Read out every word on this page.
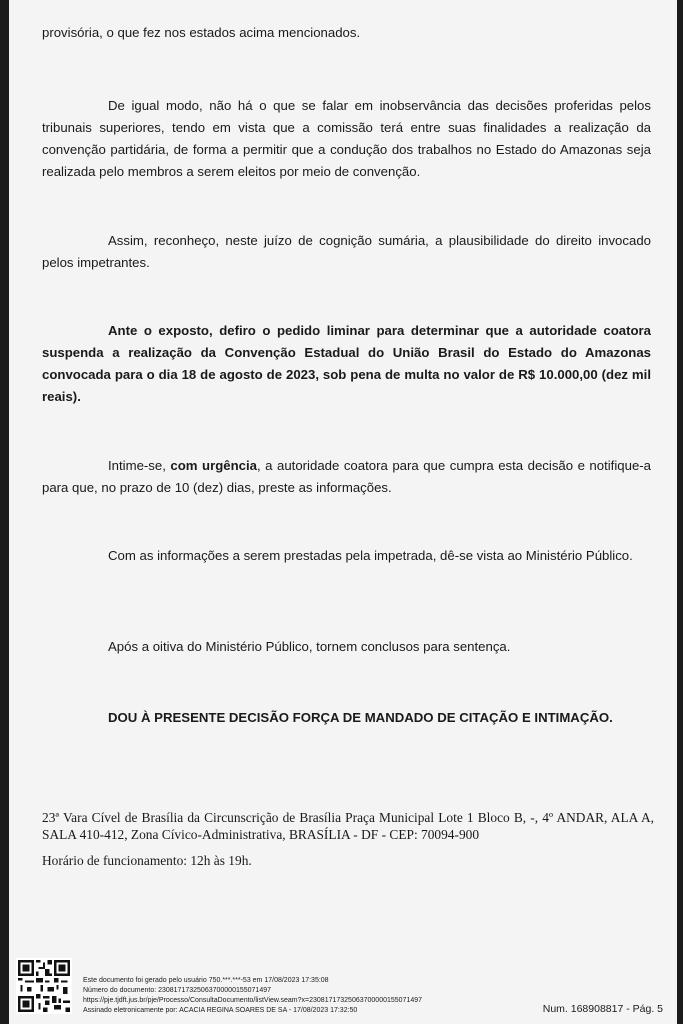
provisória, o que fez nos estados acima mencionados.

De igual modo, não há o que se falar em inobservância das decisões proferidas pelos tribunais superiores, tendo em vista que a comissão terá entre suas finalidades a realização da convenção partidária, de forma a permitir que a condução dos trabalhos no Estado do Amazonas seja realizada pelo membros a serem eleitos por meio de convenção.

Assim, reconheço, neste juízo de cognição sumária, a plausibilidade do direito invocado pelos impetrantes.

Ante o exposto, defiro o pedido liminar para determinar que a autoridade coatora suspenda a realização da Convenção Estadual do União Brasil do Estado do Amazonas convocada para o dia 18 de agosto de 2023, sob pena de multa no valor de R$ 10.000,00 (dez mil reais).

Intime-se, com urgência, a autoridade coatora para que cumpra esta decisão e notifique-a para que, no prazo de 10 (dez) dias, preste as informações.

Com as informações a serem prestadas pela impetrada, dê-se vista ao Ministério Público.

Após a oitiva do Ministério Público, tornem conclusos para sentença.

DOU À PRESENTE DECISÃO FORÇA DE MANDADO DE CITAÇÃO E INTIMAÇÃO.

23ª Vara Cível de Brasília da Circunscrição de Brasília Praça Municipal Lote 1 Bloco B, -, 4º ANDAR, ALA A, SALA 410-412, Zona Cívico-Administrativa, BRASÍLIA - DF - CEP: 70094-900

Horário de funcionamento: 12h às 19h.

Este documento foi gerado pelo usuário 750.***.***-53 em 17/08/2023 17:35:08

Número do documento: 23081717325063700000155071497

https://pje.tjdft.jus.br/pje/Processo/ConsultaDocumento/listView.seam?x=23081717325063700000155071497

Assinado eletronicamente por: ACACIA REGINA SOARES DE SA - 17/08/2023 17:32:50	Num. 168908817 - Pág. 5
